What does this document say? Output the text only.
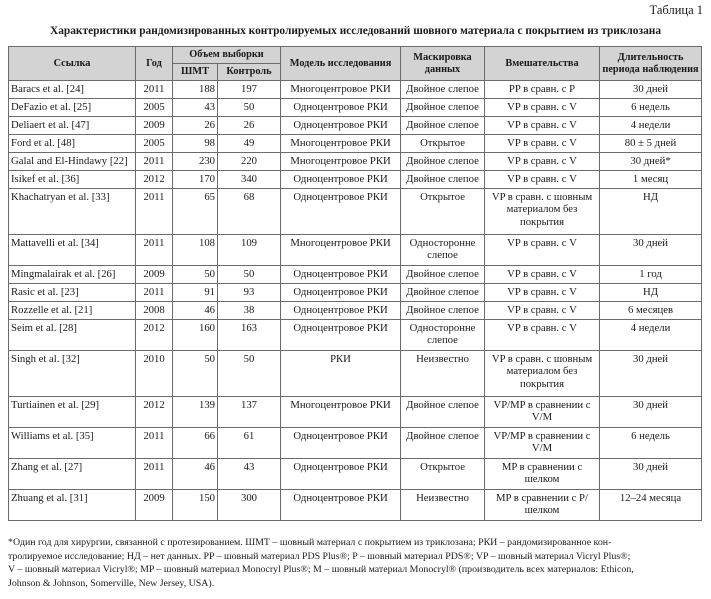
Таблица 1
Характеристики рандомизированных контролируемых исследований шовного материала с покрытием из триклозана
Ссылка	Год	Объем выборки		Модель исследования	Маскировка данных	Вмешательства	Длительность периода наблюдения
		ШМТ	Контроль				
Baracs et al. [24]	2011	188	197	Многоцентровое РКИ	Двойное слепое	PP в сравн. с P	30 дней
DeFazio et al. [25]	2005	43	50	Одноцентровое РКИ	Двойное слепое	VP в сравн. с V	6 недель
Deliaert et al. [47]	2009	26	26	Одноцентровое РКИ	Двойное слепое	VP в сравн. с V	4 недели
Ford et al. [48]	2005	98	49	Многоцентровое РКИ	Открытое	VP в сравн. с V	80 ± 5 дней
Galal and El-Hindawy [22]	2011	230	220	Многоцентровое РКИ	Двойное слепое	VP в сравн. с V	30 дней*
Isikef et al. [36]	2012	170	340	Одноцентровое РКИ	Двойное слепое	VP в сравн. с V	1 месяц
Khachatryan et al. [33]	2011	65	68	Одноцентровое РКИ	Открытое	VP в сравн. с шовным материалом без покрытия	НД
Mattavelli et al. [34]	2011	108	109	Многоцентровое РКИ	Односторонне слепое	VP в сравн. с V	30 дней
Mingmalairak et al. [26]	2009	50	50	Одноцентровое РКИ	Двойное слепое	VP в сравн. с V	1 год
Rasic et al. [23]	2011	91	93	Одноцентровое РКИ	Двойное слепое	VP в сравн. с V	НД
Rozzelle et al. [21]	2008	46	38	Одноцентровое РКИ	Двойное слепое	VP в сравн. с V	6 месяцев
Seim et al. [28]	2012	160	163	Одноцентровое РКИ	Односторонне слепое	VP в сравн. с V	4 недели
Singh et al. [32]	2010	50	50	РКИ	Неизвестно	VP в сравн. с шовным материалом без покрытия	30 дней
Turtiainen et al. [29]	2012	139	137	Многоцентровое РКИ	Двойное слепое	VP/MP в сравнении с V/M	30 дней
Williams et al. [35]	2011	66	61	Одноцентровое РКИ	Двойное слепое	VP/MP в сравнении с V/M	6 недель
Zhang et al. [27]	2011	46	43	Одноцентровое РКИ	Открытое	MP в сравнении с шелком	30 дней
Zhuang et al. [31]	2009	150	300	Одноцентровое РКИ	Неизвестно	MP в сравнении с P/шелком	12–24 месяца
*Один год для хирургии, связанной с протезированием. ШМТ – шовный материал с покрытием из триклозана; РКИ – рандомизированное кон-
тролируемое исследование; НД – нет данных. PP – шовный материал PDS Plus®; P – шовный материал PDS®; VP – шовный материал Vicryl Plus®;
V – шовный материал Vicryl®; MP – шовный материал Monocryl Plus®; M – шовный материал Monocryl® (производитель всех материалов: Ethicon,
Johnson & Johnson, Somerville, New Jersey, USA).
